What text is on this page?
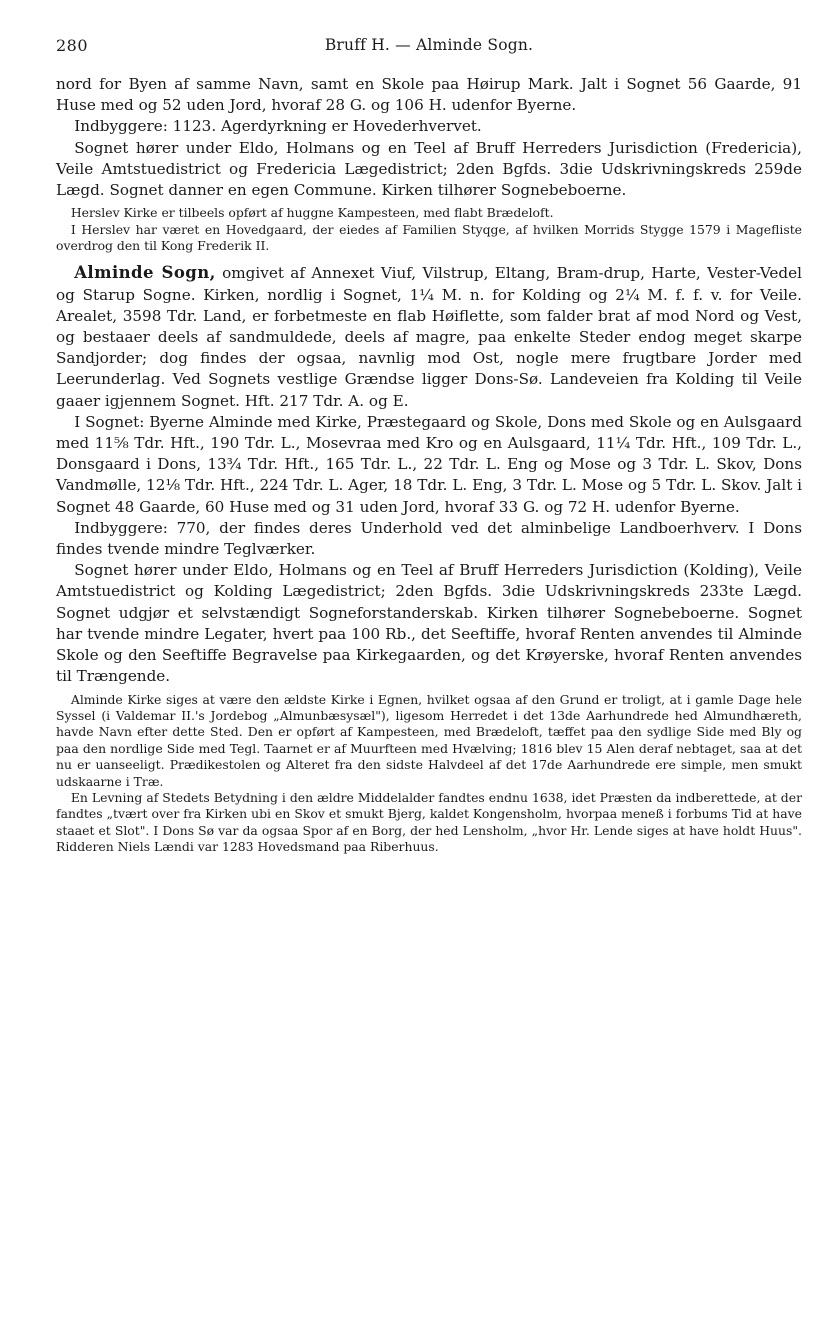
280	Bruff H. — Alminde Sogn.

nord for Byen af samme Navn, samt en Skole paa Høirup Mark. Jalt i Sognet 56 Gaarde, 91 Huse med og 52 uden Jord, hvoraf 28 G. og 106 H. udenfor Byerne.

Indbyggere: 1123. Agerdyrkning er Hovederhvervet.

Sognet hører under Eldo, Holmans og en Teel af Bruff Herreders Jurisdiction (Fredericia), Veile Amtstuedistrict og Fredericia Lægedistrict; 2den Bgfds. 3die Udskrivningskreds 259de Lægd. Sognet danner en egen Commune. Kirken tilhører Sognebeboerne.

Herslev Kirke er tilbeels opført af huggne Kampesteen, med flabt Brædeloft.

I Herslev har været en Hovedgaard, der eiedes af Familien Styqge, af hvilken Morrids Stygge 1579 i Magefliste overdrog den til Kong Frederik II.

Alminde Sogn, omgivet af Annexet Viuf, Vilstrup, Eltang, Bram-drup, Harte, Vester-Vedel og Starup Sogne. Kirken, nordlig i Sognet, 1¼ M. n. for Kolding og 2¼ M. f. f. v. for Veile. Arealet, 3598 Tdr. Land, er forbetmeste en flab Høiflette, som falder brat af mod Nord og Vest, og bestaaer deels af sandmuldede, deels af magre, paa enkelte Steder endog meget skarpe Sandjorder; dog findes der ogsaa, navnlig mod Ost, nogle mere frugtbare Jorder med Leerunderlag. Ved Sognets vestlige Grændse ligger Dons-Sø. Landeveien fra Kolding til Veile gaaer igjennem Sognet. Hft. 217 Tdr. A. og E.

I Sognet: Byerne Alminde med Kirke, Præstegaard og Skole, Dons med Skole og en Aulsgaard med 11⅝ Tdr. Hft., 190 Tdr. L., Mosevraa med Kro og en Aulsgaard, 11¼ Tdr. Hft., 109 Tdr. L., Donsgaard i Dons, 13¾ Tdr. Hft., 165 Tdr. L., 22 Tdr. L. Eng og Mose og 3 Tdr. L. Skov, Dons Vandmølle, 12⅛ Tdr. Hft., 224 Tdr. L. Ager, 18 Tdr. L. Eng, 3 Tdr. L. Mose og 5 Tdr. L. Skov. Jalt i Sognet 48 Gaarde, 60 Huse med og 31 uden Jord, hvoraf 33 G. og 72 H. udenfor Byerne.

Indbyggere: 770, der findes deres Underhold ved det alminbelige Landboerhverv. I Dons findes tvende mindre Teglværker.

Sognet hører under Eldo, Holmans og en Teel af Bruff Herreders Jurisdiction (Kolding), Veile Amtstuedistrict og Kolding Lægedistrict; 2den Bgfds. 3die Udskrivningskreds 233te Lægd. Sognet udgjør et selvstændigt Sogneforstanderskab. Kirken tilhører Sognebeboerne. Sognet har tvende mindre Legater, hvert paa 100 Rb., det Seeftiffe, hvoraf Renten anvendes til Alminde Skole og den Seeftiffe Begravelse paa Kirkegaarden, og det Krøyerske, hvoraf Renten anvendes til Trængende.

Alminde Kirke siges at være den ældste Kirke i Egnen, hvilket ogsaa af den Grund er troligt, at i gamle Dage hele Syssel (i Valdemar II.'s Jordebog „Almunbæsysæl"), ligesom Herredet i det 13de Aarhundrede hed Almundhæreth, havde Navn efter dette Sted. Den er opført af Kampesteen, med Brædeloft, tæffet paa den sydlige Side med Bly og paa den nordlige Side med Tegl. Taarnet er af Muurfteen med Hvælving; 1816 blev 15 Alen deraf nebtaget, saa at det nu er uanseeligt. Prædikestolen og Alteret fra den sidste Halvdeel af det 17de Aarhundrede ere simple, men smukt udskaarne i Træ.

En Levning af Stedets Betydning i den ældre Middelalder fandtes endnu 1638, idet Præsten da indberettede, at der fandtes „tvært over fra Kirken ubi en Skov et smukt Bjerg, kaldet Kongensholm, hvorpaa meneß i forbums Tid at have staaet et Slot". I Dons Sø var da ogsaa Spor af en Borg, der hed Lensholm, „hvor Hr. Lende siges at have holdt Huus". Ridderen Niels Lændi var 1283 Hovedsmand paa Riberhuus.
